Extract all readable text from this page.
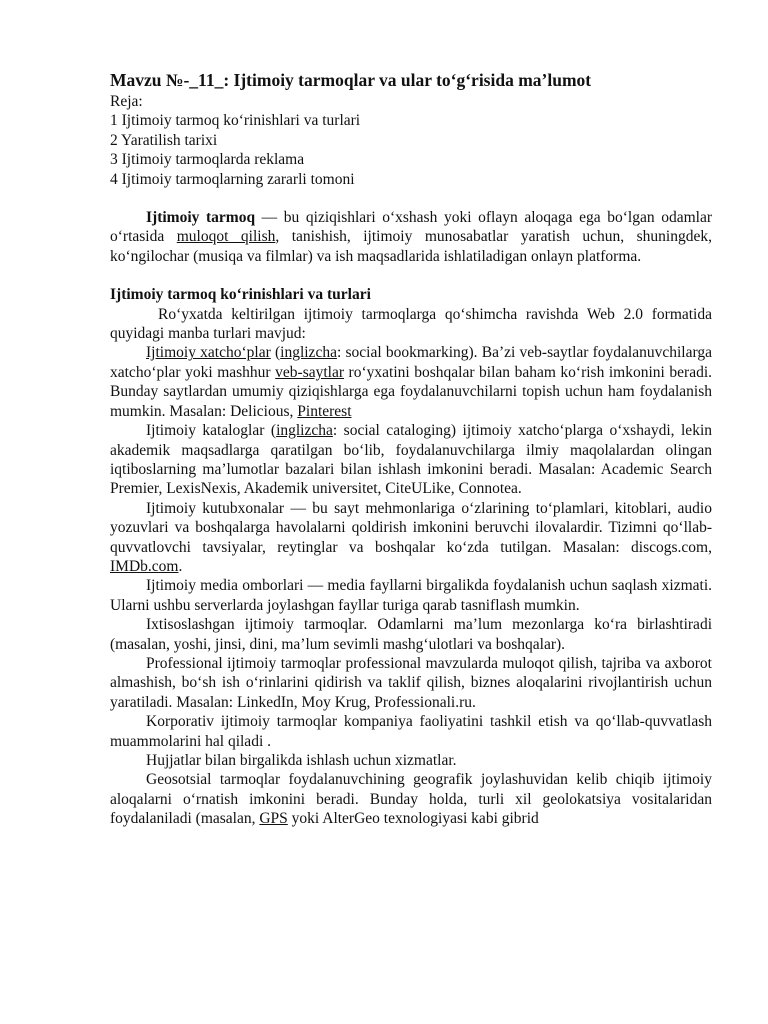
Mavzu №-_11_: Ijtimoiy tarmoqlar va ular to‘g‘risida ma’lumot

Reja:

1 Ijtimoiy tarmoq ko‘rinishlari va turlari

2 Yaratilish tarixi

3 Ijtimoiy tarmoqlarda reklama

4 Ijtimoiy tarmoqlarning zararli tomoni

Ijtimoiy tarmoq — bu qiziqishlari o‘xshash yoki oflayn aloqaga ega bo‘lgan odamlar o‘rtasida muloqot qilish, tanishish, ijtimoiy munosabatlar yaratish uchun, shuningdek, ko‘ngilochar (musiqa va filmlar) va ish maqsadlarida ishlatiladigan onlayn platforma.

Ijtimoiy tarmoq ko‘rinishlari va turlari

Ro‘yxatda keltirilgan ijtimoiy tarmoqlarga qo‘shimcha ravishda Web 2.0 formatida quyidagi manba turlari mavjud:

Ijtimoiy xatcho‘plar (inglizcha: social bookmarking). Ba’zi veb-saytlar foydalanuvchilarga xatcho‘plar yoki mashhur veb-saytlar ro‘yxatini boshqalar bilan baham ko‘rish imkonini beradi. Bunday saytlardan umumiy qiziqishlarga ega foydalanuvchilarni topish uchun ham foydalanish mumkin. Masalan: Delicious, Pinterest

Ijtimoiy kataloglar (inglizcha: social cataloging) ijtimoiy xatcho‘plarga o‘xshaydi, lekin akademik maqsadlarga qaratilgan bo‘lib, foydalanuvchilarga ilmiy maqolalardan olingan iqtiboslarning ma’lumotlar bazalari bilan ishlash imkonini beradi. Masalan: Academic Search Premier, LexisNexis, Akademik universitet, CiteULike, Connotea.

Ijtimoiy kutubxonalar — bu sayt mehmonlariga o‘zlarining to‘plamlari, kitoblari, audio yozuvlari va boshqalarga havolalarni qoldirish imkonini beruvchi ilovalardir. Tizimni qo‘llab-quvvatlovchi tavsiyalar, reytinglar va boshqalar ko‘zda tutilgan. Masalan: discogs.com, IMDb.com.

Ijtimoiy media omborlari — media fayllarni birgalikda foydalanish uchun saqlash xizmati. Ularni ushbu serverlarda joylashgan fayllar turiga qarab tasniflash mumkin.

Ixtisoslashgan ijtimoiy tarmoqlar. Odamlarni ma’lum mezonlarga ko‘ra birlashtiradi (masalan, yoshi, jinsi, dini, ma’lum sevimli mashg‘ulotlari va boshqalar).

Professional ijtimoiy tarmoqlar professional mavzularda muloqot qilish, tajriba va axborot almashish, bo‘sh ish o‘rinlarini qidirish va taklif qilish, biznes aloqalarini rivojlantirish uchun yaratiladi. Masalan: LinkedIn, Moy Krug, Professionali.ru.

Korporativ ijtimoiy tarmoqlar kompaniya faoliyatini tashkil etish va qo‘llab-quvvatlash muammolarini hal qiladi .

Hujjatlar bilan birgalikda ishlash uchun xizmatlar.

Geosotsial tarmoqlar foydalanuvchining geografik joylashuvidan kelib chiqib ijtimoiy aloqalarni o‘rnatish imkonini beradi. Bunday holda, turli xil geolokatsiya vositalaridan foydalaniladi (masalan, GPS yoki AlterGeo texnologiyasi kabi gibrid
